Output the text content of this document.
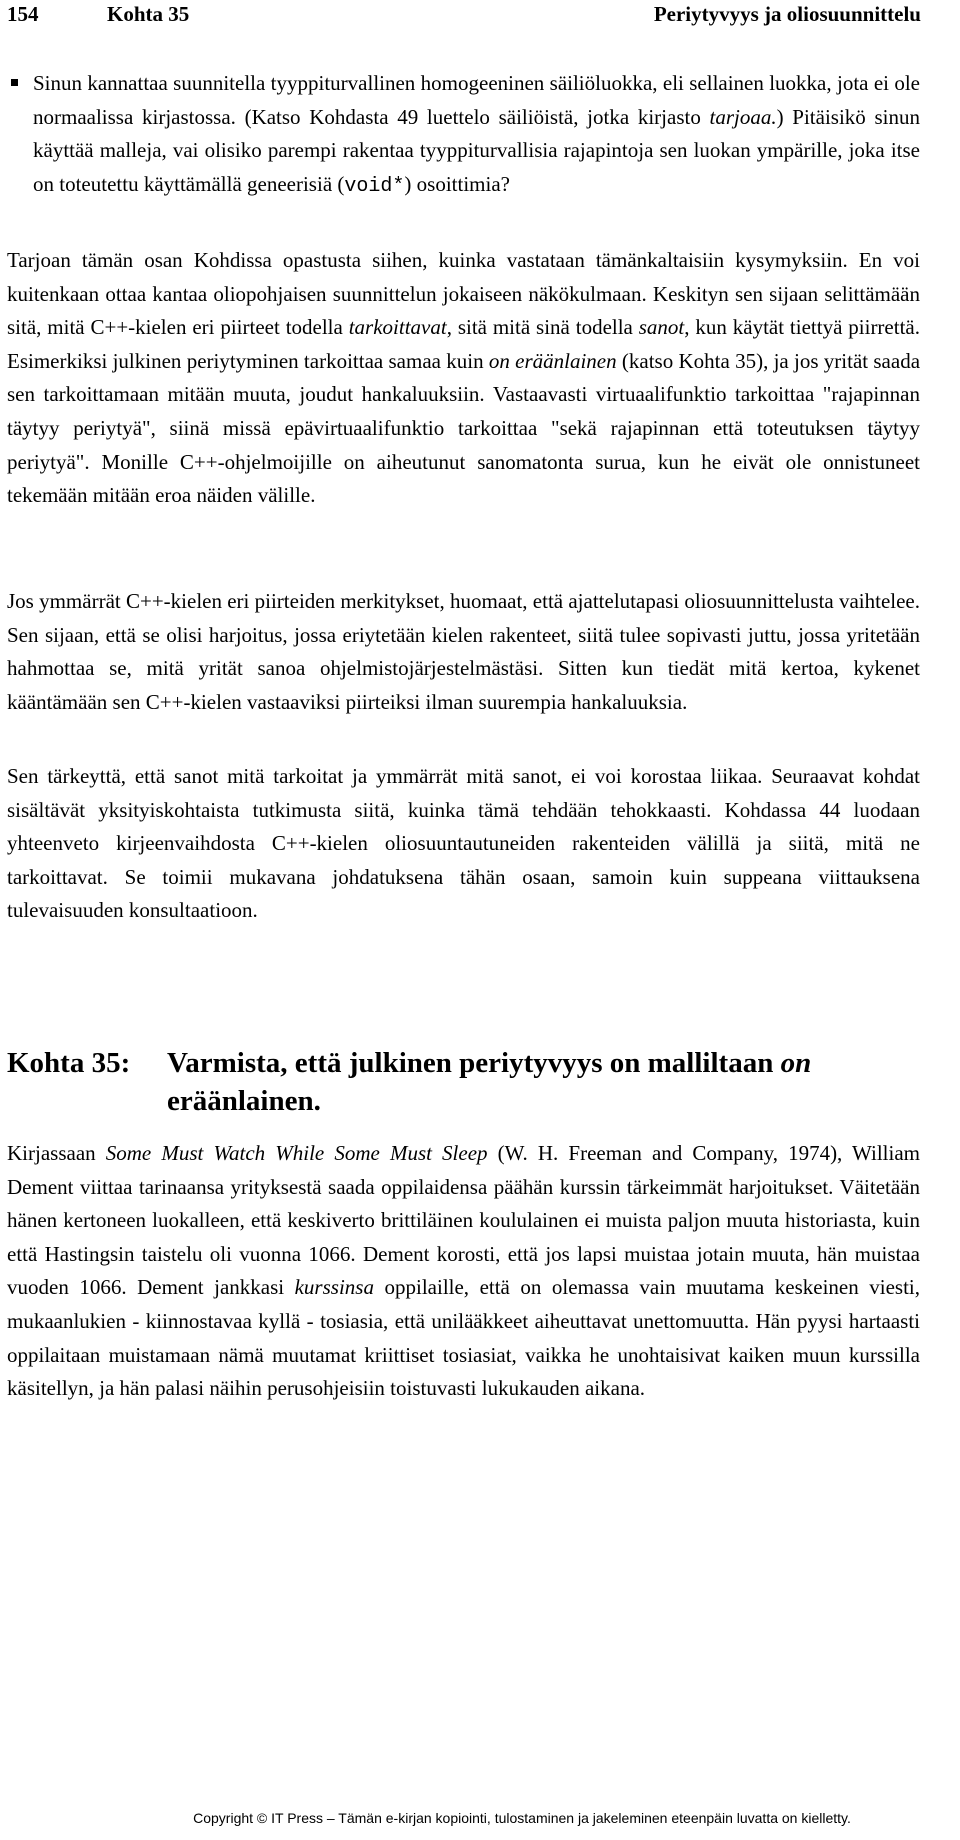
154	Kohta 35	Periytyvyys ja oliosuunnittelu

Sinun kannattaa suunnitella tyyppiturvallinen homogeeninen säiliöluokka, eli sellainen luokka, jota ei ole normaalissa kirjastossa. (Katso Kohdasta 49 luettelo säiliöistä, jotka kirjasto tarjoaa.) Pitäisikö sinun käyttää malleja, vai olisiko parempi rakentaa tyyppiturvallisia rajapintoja sen luokan ympärille, joka itse on toteutettu käyttämällä geneerisiä (void*) osoittimia?

Tarjoan tämän osan Kohdissa opastusta siihen, kuinka vastataan tämänkaltaisiin kysymyksiin. En voi kuitenkaan ottaa kantaa oliopohjaisen suunnittelun jokaiseen näkökulmaan. Keskityn sen sijaan selittämään sitä, mitä C++-kielen eri piirteet todella tarkoittavat, sitä mitä sinä todella sanot, kun käytät tiettyä piirrettä. Esimerkiksi julkinen periytyminen tarkoittaa samaa kuin on eräänlainen (katso Kohta 35), ja jos yrität saada sen tarkoittamaan mitään muuta, joudut hankaluuksiin. Vastaavasti virtuaalifunktio tarkoittaa "rajapinnan täytyy periytyä", siinä missä epävirtuaalifunktio tarkoittaa "sekä rajapinnan että toteutuksen täytyy periytyä". Monille C++-ohjelmoijille on aiheutunut sanomatonta surua, kun he eivät ole onnistuneet tekemään mitään eroa näiden välille.

Jos ymmärrät C++-kielen eri piirteiden merkitykset, huomaat, että ajattelutapasi oliosuunnittelusta vaihtelee. Sen sijaan, että se olisi harjoitus, jossa eriytetään kielen rakenteet, siitä tulee sopivasti juttu, jossa yritetään hahmottaa se, mitä yrität sanoa ohjelmistojärjestelmästäsi. Sitten kun tiedät mitä kertoa, kykenet kääntämään sen C++-kielen vastaaviksi piirteiksi ilman suurempia hankaluuksia.

Sen tärkeyttä, että sanot mitä tarkoitat ja ymmärrät mitä sanot, ei voi korostaa liikaa. Seuraavat kohdat sisältävät yksityiskohtaista tutkimusta siitä, kuinka tämä tehdään tehokkaasti. Kohdassa 44 luodaan yhteenveto kirjeenvaihdosta C++-kielen oliosuuntautuneiden rakenteiden välillä ja siitä, mitä ne tarkoittavat. Se toimii mukavana johdatuksena tähän osaan, samoin kuin suppeana viittauksena tulevaisuuden konsultaatioon.

Kohta 35: Varmista, että julkinen periytyvyys on malliltaan on
eräänlainen.

Kirjassaan Some Must Watch While Some Must Sleep (W. H. Freeman and Company, 1974), William Dement viittaa tarinaansa yrityksestä saada oppilaidensa päähän kurssin tärkeimmät harjoitukset. Väitetään hänen kertoneen luokalleen, että keskiverto brittiläinen koululainen ei muista paljon muuta historiasta, kuin että Hastingsin taistelu oli vuonna 1066. Dement korosti, että jos lapsi muistaa jotain muuta, hän muistaa vuoden 1066. Dement jankkasi kurssinsa oppilaille, että on olemassa vain muutama keskeinen viesti, mukaanlukien - kiinnostavaa kyllä - tosiasia, että unilääkkeet aiheuttavat unettomuutta. Hän pyysi hartaasti oppilaitaan muistamaan nämä muutamat kriittiset tosiasiat, vaikka he unohtaisivat kaiken muun kurssilla käsitellyn, ja hän palasi näihin perusohjeisiin toistuvasti lukukauden aikana.

Copyright © IT Press – Tämän e-kirjan kopiointi, tulostaminen ja jakeleminen eteenpäin luvatta on kielletty.
